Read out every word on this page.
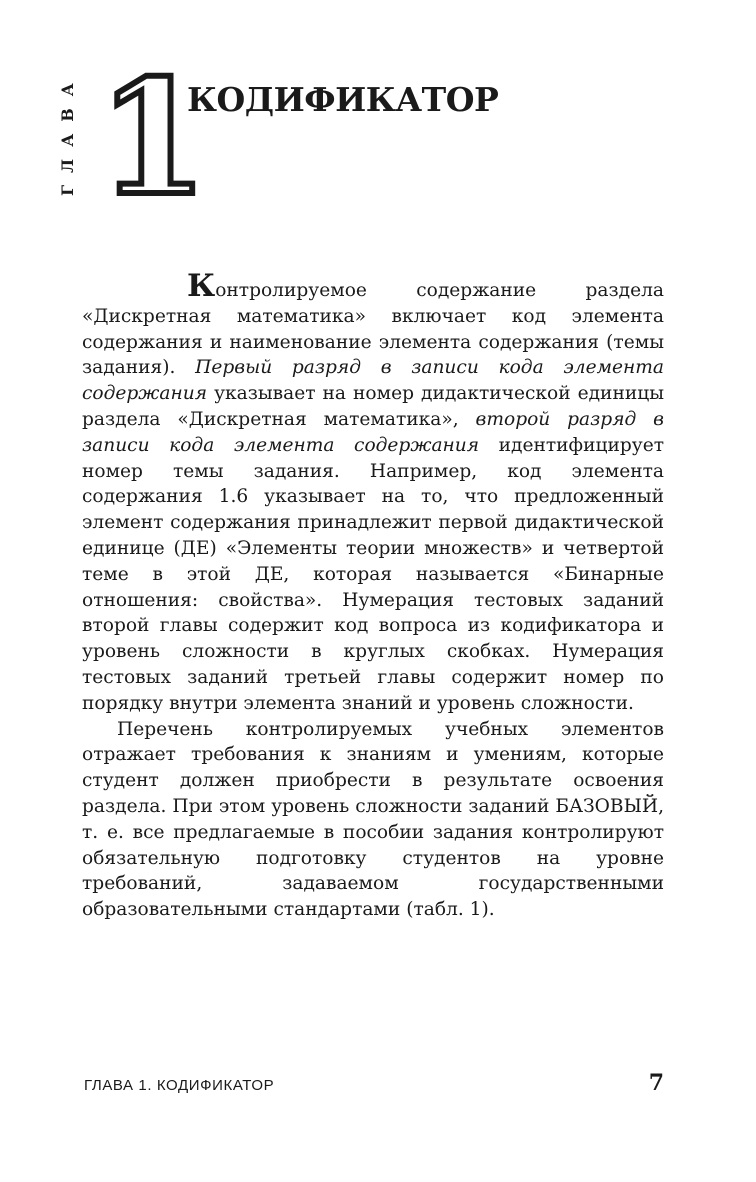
ГЛАВА 1
КОДИФИКАТОР

Контролируемое содержание раздела «Дискретная математика» включает код элемента содержания и наименование элемента содержания (темы задания). Первый разряд в записи кода элемента содержания указывает на номер дидактической единицы раздела «Дискретная математика», второй разряд в записи кода элемента содержания идентифицирует номер темы задания. Например, код элемента содержания 1.6 указывает на то, что предложенный элемент содержания принадлежит первой дидактической единице (ДЕ) «Элементы теории множеств» и четвертой теме в этой ДЕ, которая называется «Бинарные отношения: свойства». Нумерация тестовых заданий второй главы содержит код вопроса из кодификатора и уровень сложности в круглых скобках. Нумерация тестовых заданий третьей главы содержит номер по порядку внутри элемента знаний и уровень сложности.

Перечень контролируемых учебных элементов отражает требования к знаниям и умениям, которые студент должен приобрести в результате освоения раздела. При этом уровень сложности заданий БАЗОВЫЙ, т. е. все предлагаемые в пособии задания контролируют обязательную подготовку студентов на уровне требований, задаваемом государственными образовательными стандартами (табл. 1).

ГЛАВА 1. КОДИФИКАТОР	7
